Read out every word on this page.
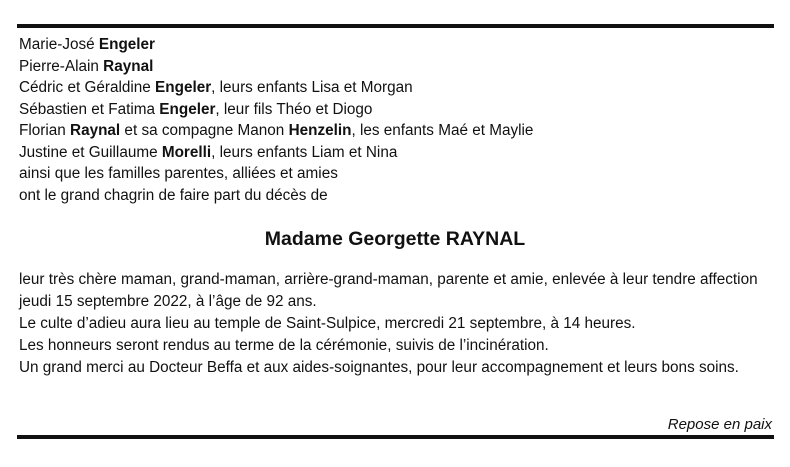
Marie-José Engeler
Pierre-Alain Raynal
Cédric et Géraldine Engeler, leurs enfants Lisa et Morgan
Sébastien et Fatima Engeler, leur fils Théo et Diogo
Florian Raynal et sa compagne Manon Henzelin, les enfants Maé et Maylie
Justine et Guillaume Morelli, leurs enfants Liam et Nina
ainsi que les familles parentes, alliées et amies
ont le grand chagrin de faire part du décès de
Madame Georgette RAYNAL

leur très chère maman, grand-maman, arrière-grand-maman, parente et amie, enlevée à leur tendre affection jeudi 15 septembre 2022, à l’âge de 92 ans.

Le culte d’adieu aura lieu au temple de Saint-Sulpice, mercredi 21 septembre, à 14 heures.

Les honneurs seront rendus au terme de la cérémonie, suivis de l’incinération.

Un grand merci au Docteur Beffa et aux aides-soignantes, pour leur accompagnement et leurs bons soins.

Repose en paix
